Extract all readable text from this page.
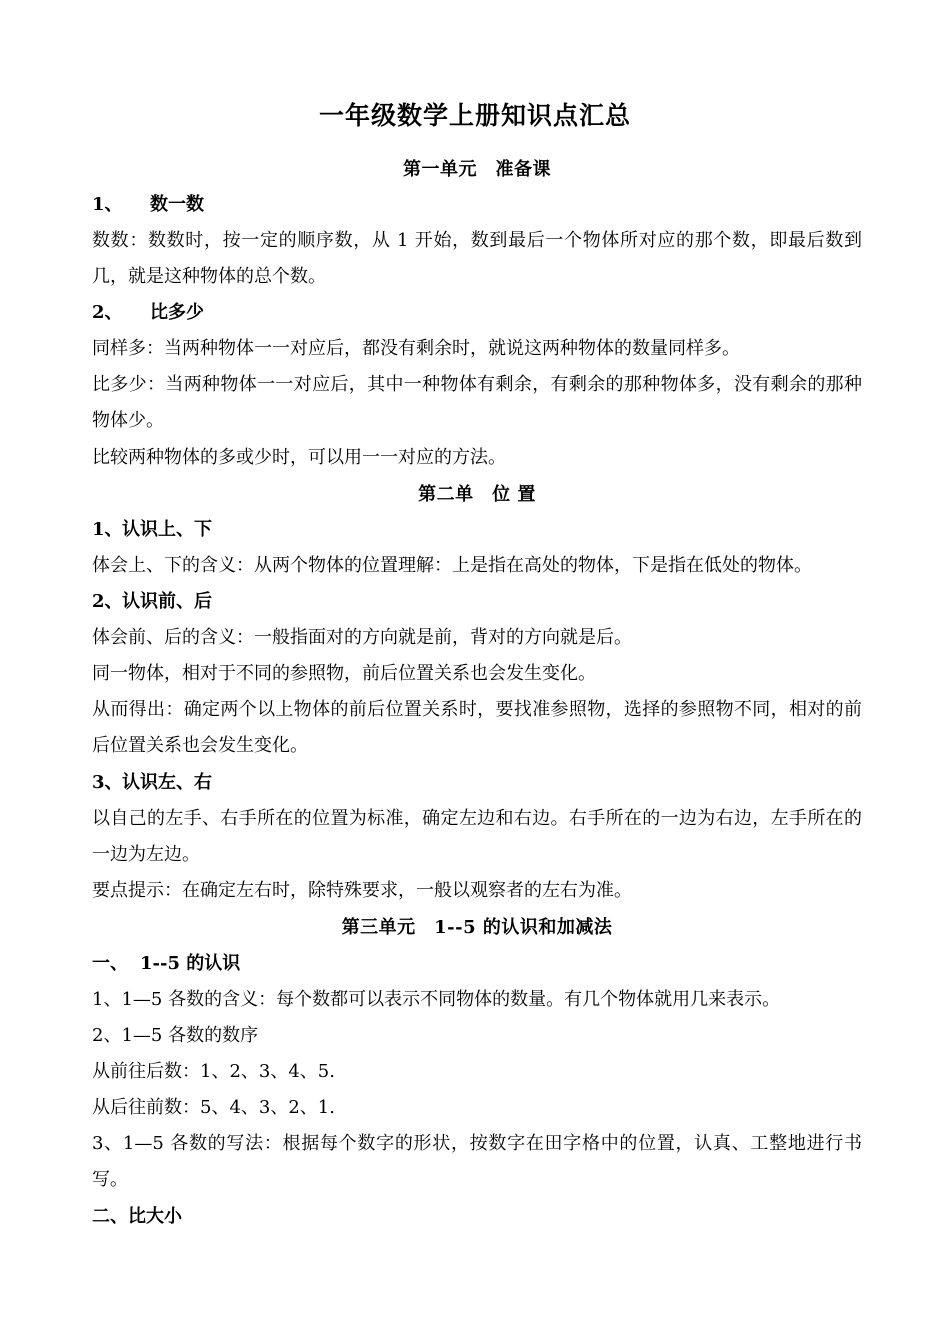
一年级数学上册知识点汇总
第一单元　准备课
1、 数一数
数数：数数时，按一定的顺序数，从 1 开始，数到最后一个物体所对应的那个数，即最后数到几，就是这种物体的总个数。
2、 比多少
同样多：当两种物体一一对应后，都没有剩余时，就说这两种物体的数量同样多。
比多少：当两种物体一一对应后，其中一种物体有剩余，有剩余的那种物体多，没有剩余的那种物体少。
比较两种物体的多或少时，可以用一一对应的方法。
第二单　位 置
1、认识上、下
体会上、下的含义：从两个物体的位置理解：上是指在高处的物体，下是指在低处的物体。
2、认识前、后
体会前、后的含义：一般指面对的方向就是前，背对的方向就是后。
同一物体，相对于不同的参照物，前后位置关系也会发生变化。
从而得出：确定两个以上物体的前后位置关系时，要找准参照物，选择的参照物不同，相对的前后位置关系也会发生变化。
3、认识左、右
以自己的左手、右手所在的位置为标准，确定左边和右边。右手所在的一边为右边，左手所在的一边为左边。
要点提示：在确定左右时，除特殊要求，一般以观察者的左右为准。
第三单元　1--5 的认识和加减法
一、 1--5 的认识
1、1—5 各数的含义：每个数都可以表示不同物体的数量。有几个物体就用几来表示。
2、1—5 各数的数序
从前往后数：1、2、3、4、5.
从后往前数：5、4、3、2、1.
3、1—5 各数的写法：根据每个数字的形状，按数字在田字格中的位置，认真、工整地进行书写。
二、比大小
